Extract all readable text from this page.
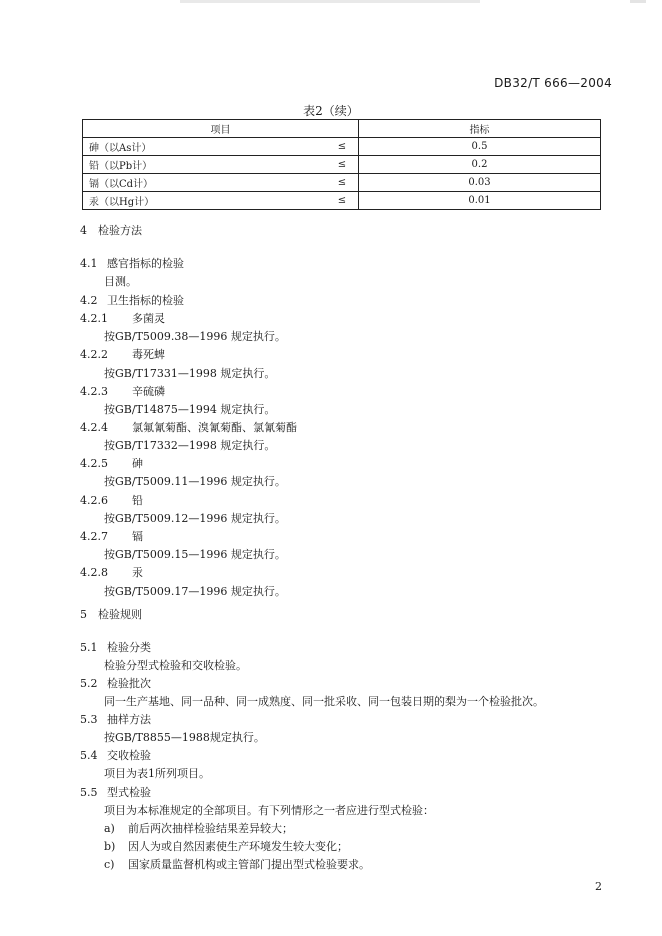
DB32/T 666—2004
表2（续）
项目		指标
砷（以As计）	≤	0.5
铅（以Pb计）	≤	0.2
镉（以Cd计）	≤	0.03
汞（以Hg计）	≤	0.01
4 检验方法
4.1 感官指标的检验
目测。
4.2 卫生指标的检验
4.2.1 多菌灵
按GB/T5009.38—1996 规定执行。
4.2.2 毒死蜱
按GB/T17331—1998 规定执行。
4.2.3 辛硫磷
按GB/T14875—1994 规定执行。
4.2.4 氯氟氰菊酯、溴氰菊酯、氯氰菊酯
按GB/T17332—1998 规定执行。
4.2.5 砷
按GB/T5009.11—1996 规定执行。
4.2.6 铅
按GB/T5009.12—1996 规定执行。
4.2.7 镉
按GB/T5009.15—1996 规定执行。
4.2.8 汞
按GB/T5009.17—1996 规定执行。
5 检验规则
5.1 检验分类
检验分型式检验和交收检验。
5.2 检验批次
同一生产基地、同一品种、同一成熟度、同一批采收、同一包装日期的梨为一个检验批次。
5.3 抽样方法
按GB/T8855—1988规定执行。
5.4 交收检验
项目为表1所列项目。
5.5 型式检验
项目为本标准规定的全部项目。有下列情形之一者应进行型式检验：
a) 前后两次抽样检验结果差异较大；
b) 因人为或自然因素使生产环境发生较大变化；
c) 国家质量监督机构或主管部门提出型式检验要求。
2
